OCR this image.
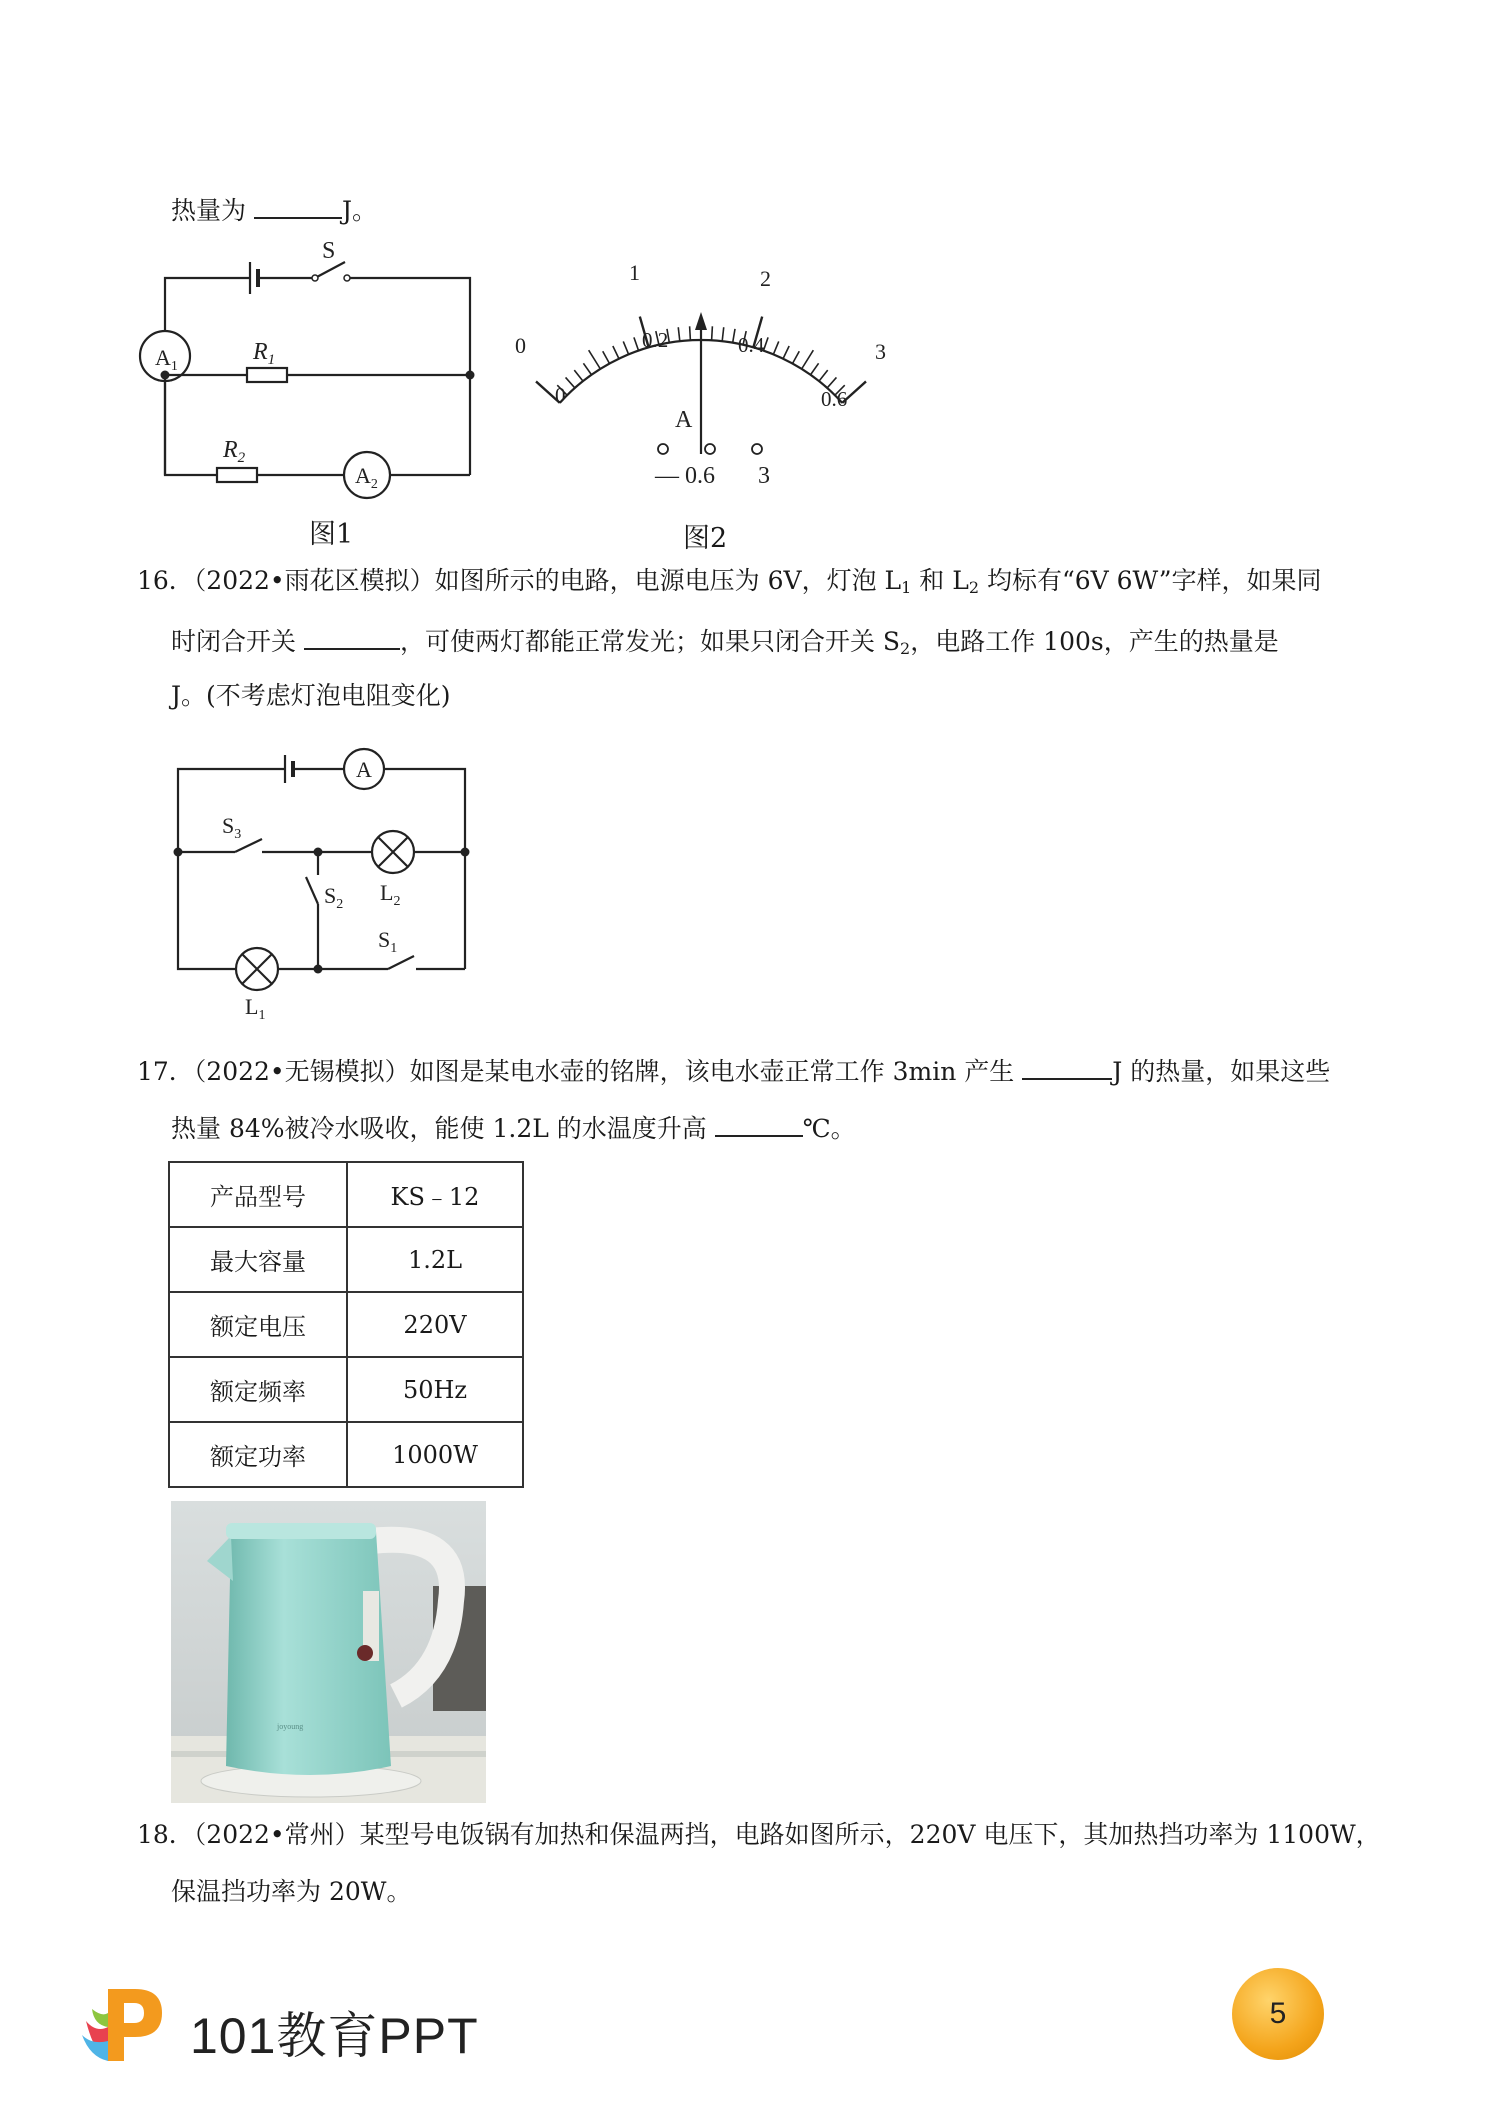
热量为	J。
S
$A_1$
$R_1$
$R_2$
$A_2$
图1
0
1	2
3
0
0.2	0.4
0.6
A
— 0.6 3
图2
16．（2022•雨花区模拟）如图所示的电路，电源电压为 6V，灯泡 $L_1$ 和 $L_2$ 均标有“6V 6W”字样，如果同
时闭合开关	，可使两灯都能正常发光；如果只闭合开关 $S_2$，电路工作 100s，产生的热量是
J。(不考虑灯泡电阻变化)
A
$S_3$
$S_2$ $L_2$
$S_1$
$L_1$
17．（2022•无锡模拟）如图是某电水壶的铭牌，该电水壶正常工作 3min 产生	J 的热量，如果这些
热量 84%被冷水吸收，能使 1.2L 的水温度升高	℃。
产品型号	KS﹣12
最大容量	1.2L
额定电压	220V
额定频率	50Hz
额定功率	1000W
joyoung
18．（2022•常州）某型号电饭锅有加热和保温两挡，电路如图所示，220V 电压下，其加热挡功率为 1100W，
保温挡功率为 20W。
101教育PPT	5
